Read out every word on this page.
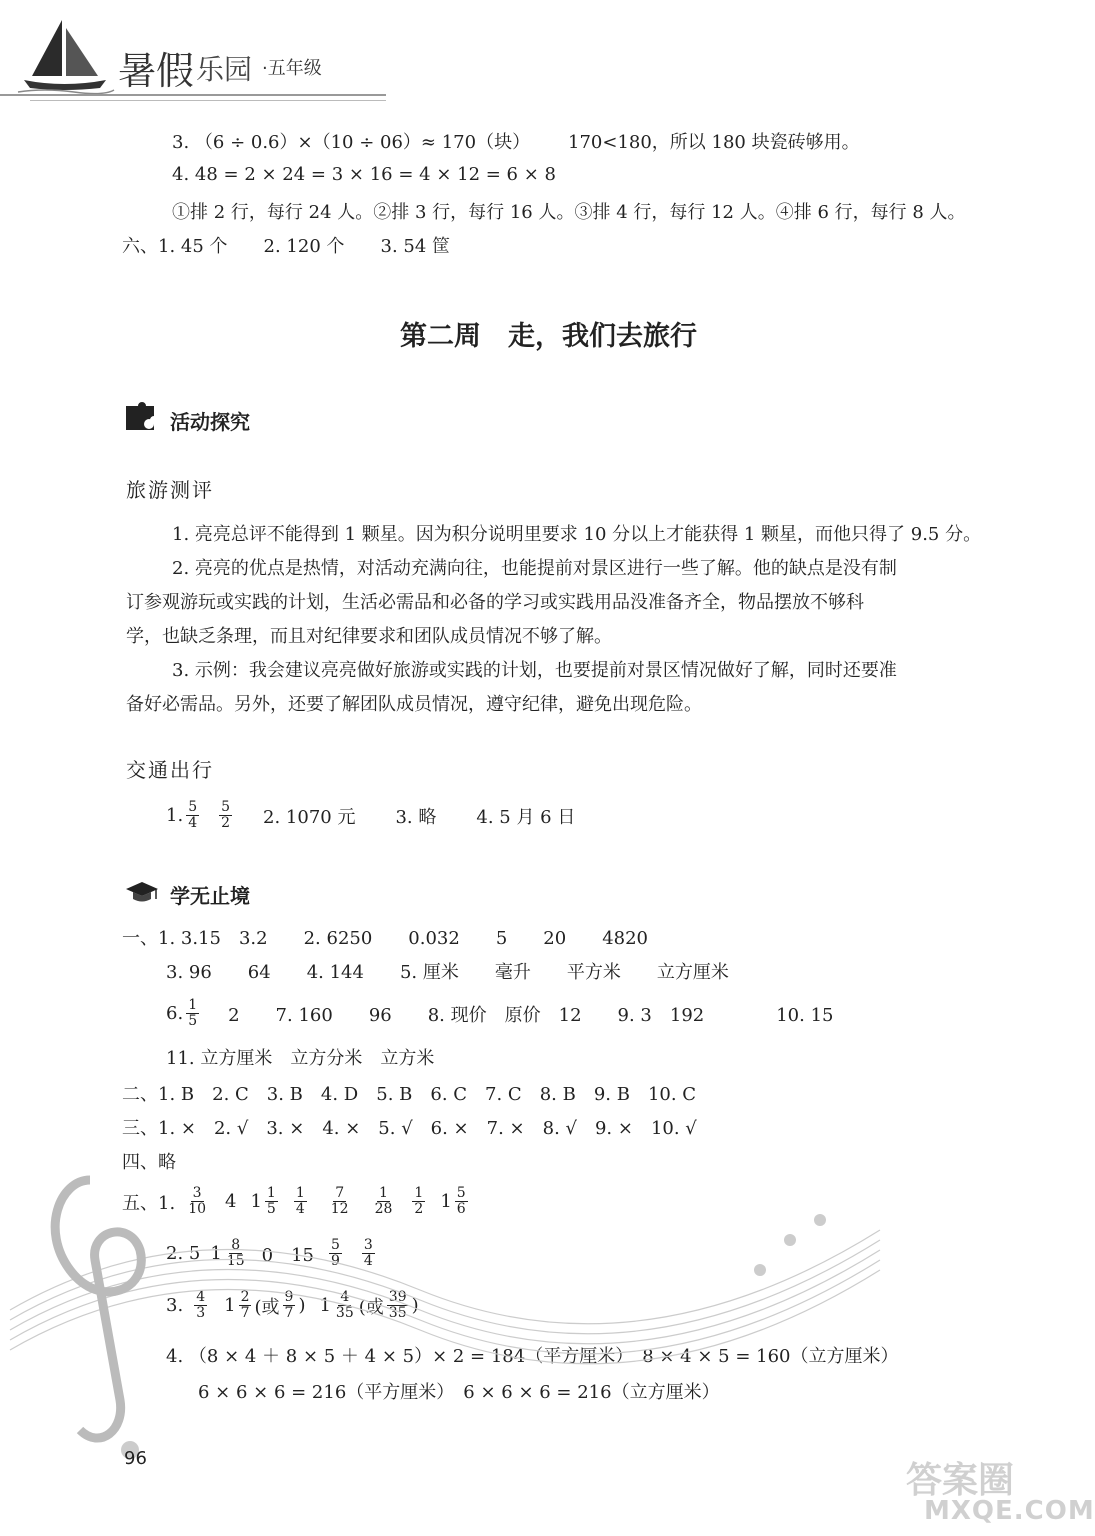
暑假 乐园 ·五年级
3. （6 ÷ 0.6）×（10 ÷ 06）≈ 170（块） 170<180，所以 180 块瓷砖够用。
4. 48 = 2 × 24 = 3 × 16 = 4 × 12 = 6 × 8
①排 2 行，每行 24 人。②排 3 行，每行 16 人。③排 4 行，每行 12 人。④排 6 行，每行 8 人。
六、1. 45 个　　2. 120 个　　3. 54 筐
第二周　走，我们去旅行
活动探究
旅游测评
1. 亮亮总评不能得到 1 颗星。因为积分说明里要求 10 分以上才能获得 1 颗星，而他只得了 9.5 分。
2. 亮亮的优点是热情，对活动充满向往，也能提前对景区进行一些了解。他的缺点是没有制
订参观游玩或实践的计划，生活必需品和必备的学习或实践用品没准备齐全，物品摆放不够科
学，也缺乏条理，而且对纪律要求和团队成员情况不够了解。
3. 示例：我会建议亮亮做好旅游或实践的计划，也要提前对景区情况做好了解，同时还要准
备好必需品。另外，还要了解团队成员情况，遵守纪律，避免出现危险。
交通出行
1. $\frac{5}{4} \frac{5}{2} 2$. 1070 元 3. 略 4. 5 月 6 日
学无止境
一、1. 3.15　3.2　　2. 6250　　0.032　　5　　20　　4820
3. 96　　64　　4. 144　　5. 厘米　　毫升　　平方米　　立方厘米
6. $\frac{1}{5} 2$　　7. 160　　96　　8. 现价　原价　12　　9. 3　192　　　　10. 15
11. 立方厘米　立方分米　立方米
二、1. B　2. C　3. B　4. D　5. B　6. C　7. C　8. B　9. B　10. C
三、1. ×　2. √　3. ×　4. ×　5. √　6. ×　7. ×　8. √　9. ×　10. √
四、略
五、1. $\frac{3}{10} 4$ $1 \frac{1}{5} \frac{1}{4} \frac{7}{12} \frac{1}{28} \frac{1}{2} 1 \frac{5}{6}$
2. 5 $1 \frac{8}{15} 0$　$15 \frac{5}{9} \frac{3}{4}$
3. $\frac{4}{3} 1 \frac{2}{7}$ (或 $\frac{9}{7}$ ) $1 \frac{4}{35}$ (或 $\frac{39}{35}$ )
4. （8 × 4 ＋ 8 × 5 ＋ 4 × 5）× 2 = 184（平方厘米）　8 × 4 × 5 = 160（立方厘米）
6 × 6 × 6 = 216（平方厘米）　6 × 6 × 6 = 216（立方厘米）
96
答案圈
MXQE.COM
